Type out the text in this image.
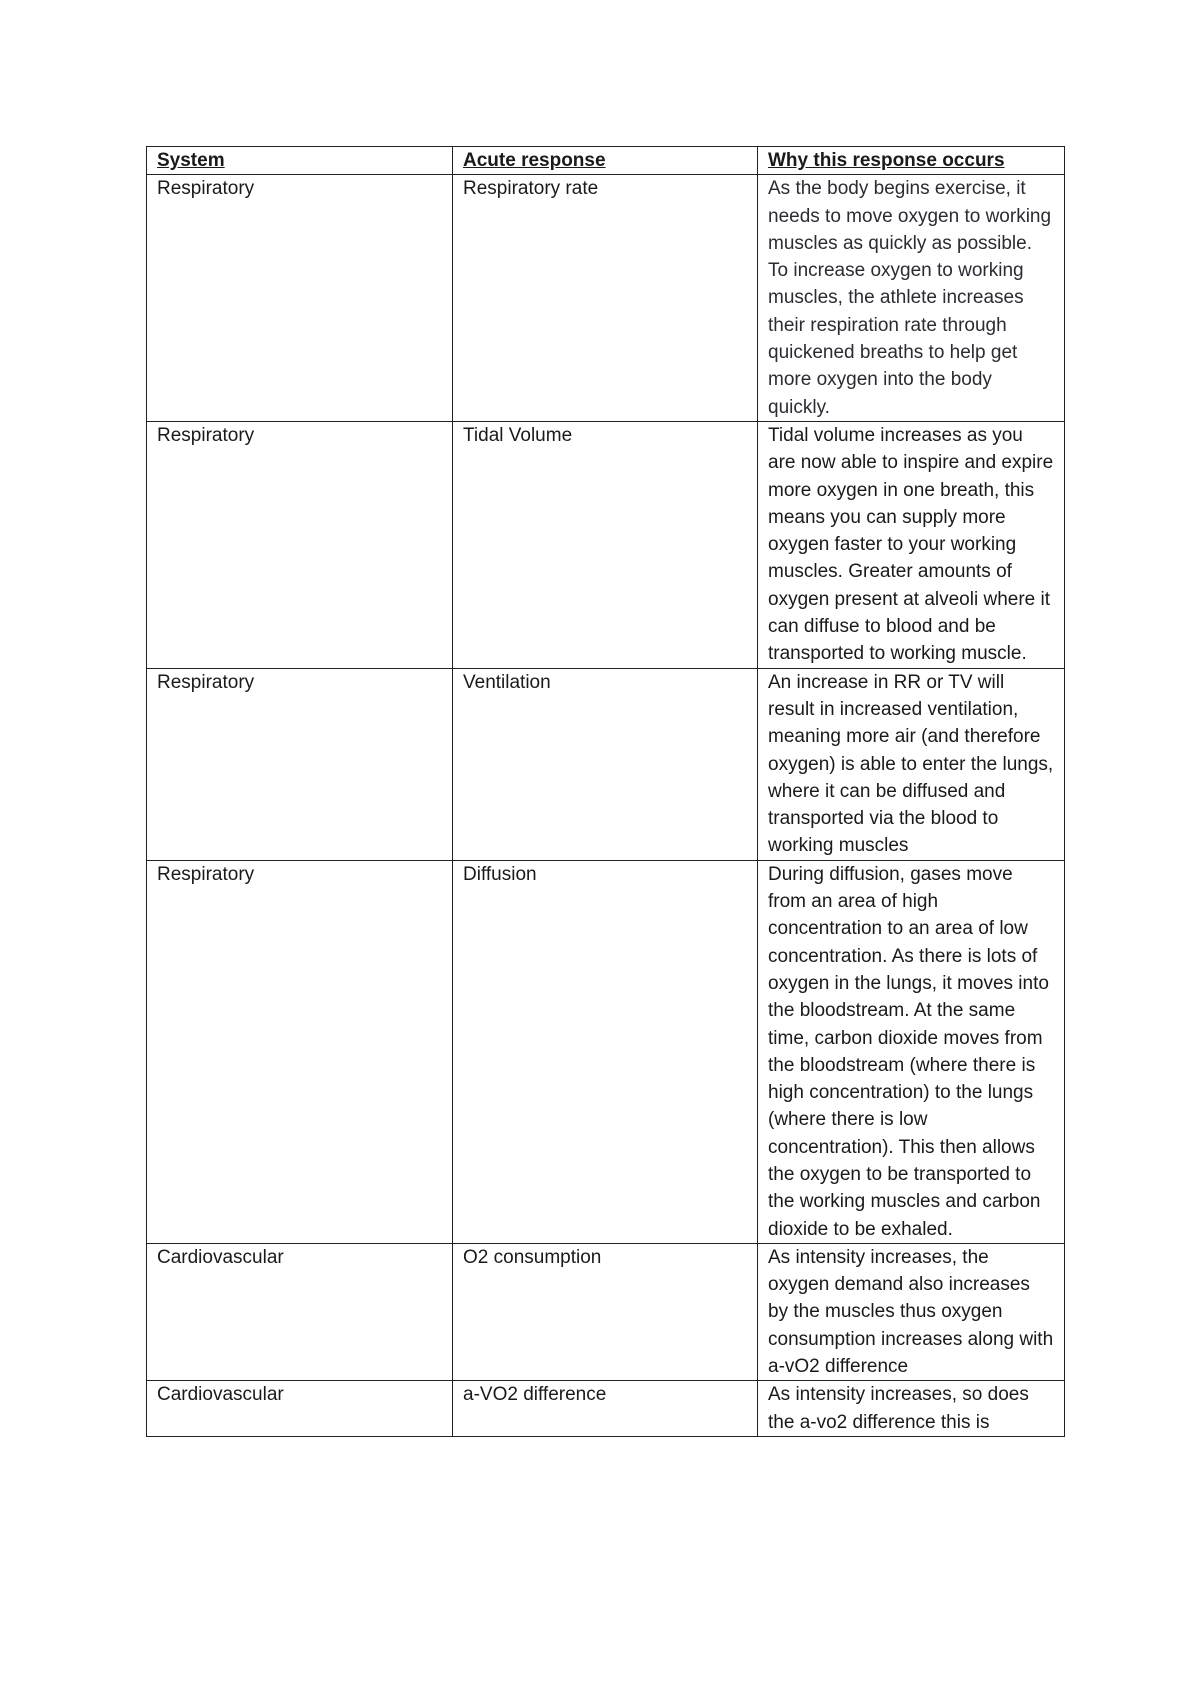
System	Acute response	Why this response occurs
Respiratory	Respiratory rate	As the body begins exercise, it needs to move oxygen to working muscles as quickly as possible. To increase oxygen to working muscles, the athlete increases their respiration rate through quickened breaths to help get more oxygen into the body quickly.
Respiratory	Tidal Volume	Tidal volume increases as you are now able to inspire and expire more oxygen in one breath, this means you can supply more oxygen faster to your working muscles. Greater amounts of oxygen present at alveoli where it can diffuse to blood and be transported to working muscle.
Respiratory	Ventilation	An increase in RR or TV will result in increased ventilation, meaning more air (and therefore oxygen) is able to enter the lungs, where it can be diffused and transported via the blood to working muscles
Respiratory	Diffusion	During diffusion, gases move from an area of high concentration to an area of low concentration. As there is lots of oxygen in the lungs, it moves into the bloodstream. At the same time, carbon dioxide moves from the bloodstream (where there is high concentration) to the lungs (where there is low concentration). This then allows the oxygen to be transported to the working muscles and carbon dioxide to be exhaled.
Cardiovascular	O2 consumption	As intensity increases, the oxygen demand also increases by the muscles thus oxygen consumption increases along with a-vO2 difference
Cardiovascular	a-VO2 difference	As intensity increases, so does the a-vo2 difference this is
